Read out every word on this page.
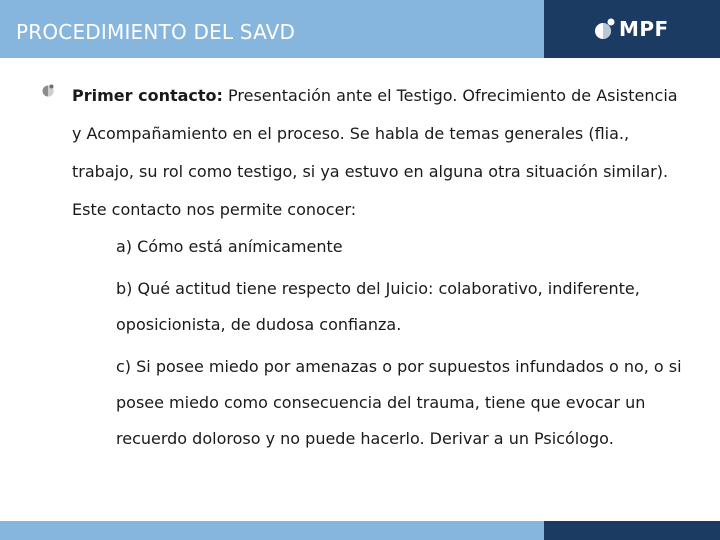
PROCEDIMIENTO DEL SAVD	MPF

Primer contacto: Presentación ante el Testigo. Ofrecimiento de Asistencia y Acompañamiento en el proceso. Se habla de temas generales (flia., trabajo, su rol como testigo, si ya estuvo en alguna otra situación similar).

Este contacto nos permite conocer:

a) Cómo está anímicamente

b) Qué actitud tiene respecto del Juicio: colaborativo, indiferente, oposicionista, de dudosa confianza.

c) Si posee miedo por amenazas o por supuestos infundados o no, o si posee miedo como consecuencia del trauma, tiene que evocar un recuerdo doloroso y no puede hacerlo. Derivar a un Psicólogo.
